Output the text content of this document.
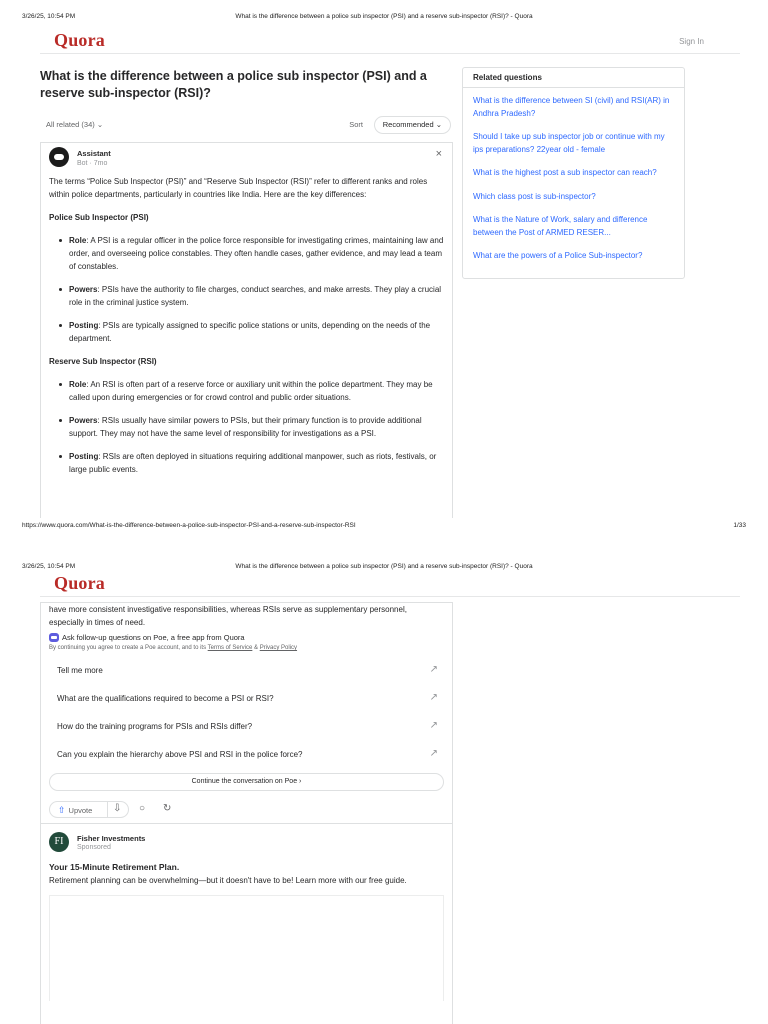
3/26/25, 10:54 PM	What is the difference between a police sub inspector (PSI) and a reserve sub-inspector (RSI)? - Quora
Quora	Sign In
What is the difference between a police sub inspector (PSI) and a reserve sub-inspector (RSI)?
All related (34) ⌄	Sort	Recommended ⌄
Assistant
Bot · 7mo
×

The terms “Police Sub Inspector (PSI)” and “Reserve Sub Inspector (RSI)” refer to different ranks and roles within police departments, particularly in countries like India. Here are the key differences:

Police Sub Inspector (PSI)
Role: A PSI is a regular officer in the police force responsible for investigating crimes, maintaining law and order, and overseeing police constables. They often handle cases, gather evidence, and may lead a team of constables.
Powers: PSIs have the authority to file charges, conduct searches, and make arrests. They play a crucial role in the criminal justice system.
Posting: PSIs are typically assigned to specific police stations or units, depending on the needs of the department.
Reserve Sub Inspector (RSI)
Role: An RSI is often part of a reserve force or auxiliary unit within the police department. They may be called upon during emergencies or for crowd control and public order situations.
Powers: RSIs usually have similar powers to PSIs, but their primary function is to provide additional support. They may not have the same level of responsibility for investigations as a PSI.
Posting: RSIs are often deployed in situations requiring additional manpower, such as riots, festivals, or large public events.
Related questions
What is the difference between SI (civil) and RSI(AR) in Andhra Pradesh?
Should I take up sub inspector job or continue with my ips preparations? 22year old - female
What is the highest post a sub inspector can reach?
Which class post is sub-inspector?
What is the Nature of Work, salary and difference between the Post of ARMED RESER...
What are the powers of a Police Sub-inspector?
https://www.quora.com/What-is-the-difference-between-a-police-sub-inspector-PSI-and-a-reserve-sub-inspector-RSI	1/33
3/26/25, 10:54 PM	What is the difference between a police sub inspector (PSI) and a reserve sub-inspector (RSI)? - Quora
Quora

have more consistent investigative responsibilities, whereas RSIs serve as supplementary personnel, especially in times of need.

Ask follow-up questions on Poe, a free app from Quora
By continuing you agree to create a Poe account, and to its Terms of Service & Privacy Policy
Tell me more	↗
What are the qualifications required to become a PSI or RSI?	↗
How do the training programs for PSIs and RSIs differ?	↗
Can you explain the hierarchy above PSI and RSI in the police force?	↗
Continue the conversation on Poe ›
⇧ Upvote ⇩ ○ ↻
FI	Fisher Investments
Sponsored
Your 15-Minute Retirement Plan.
Retirement planning can be overwhelming—but it doesn't have to be! Learn more with our free guide.
